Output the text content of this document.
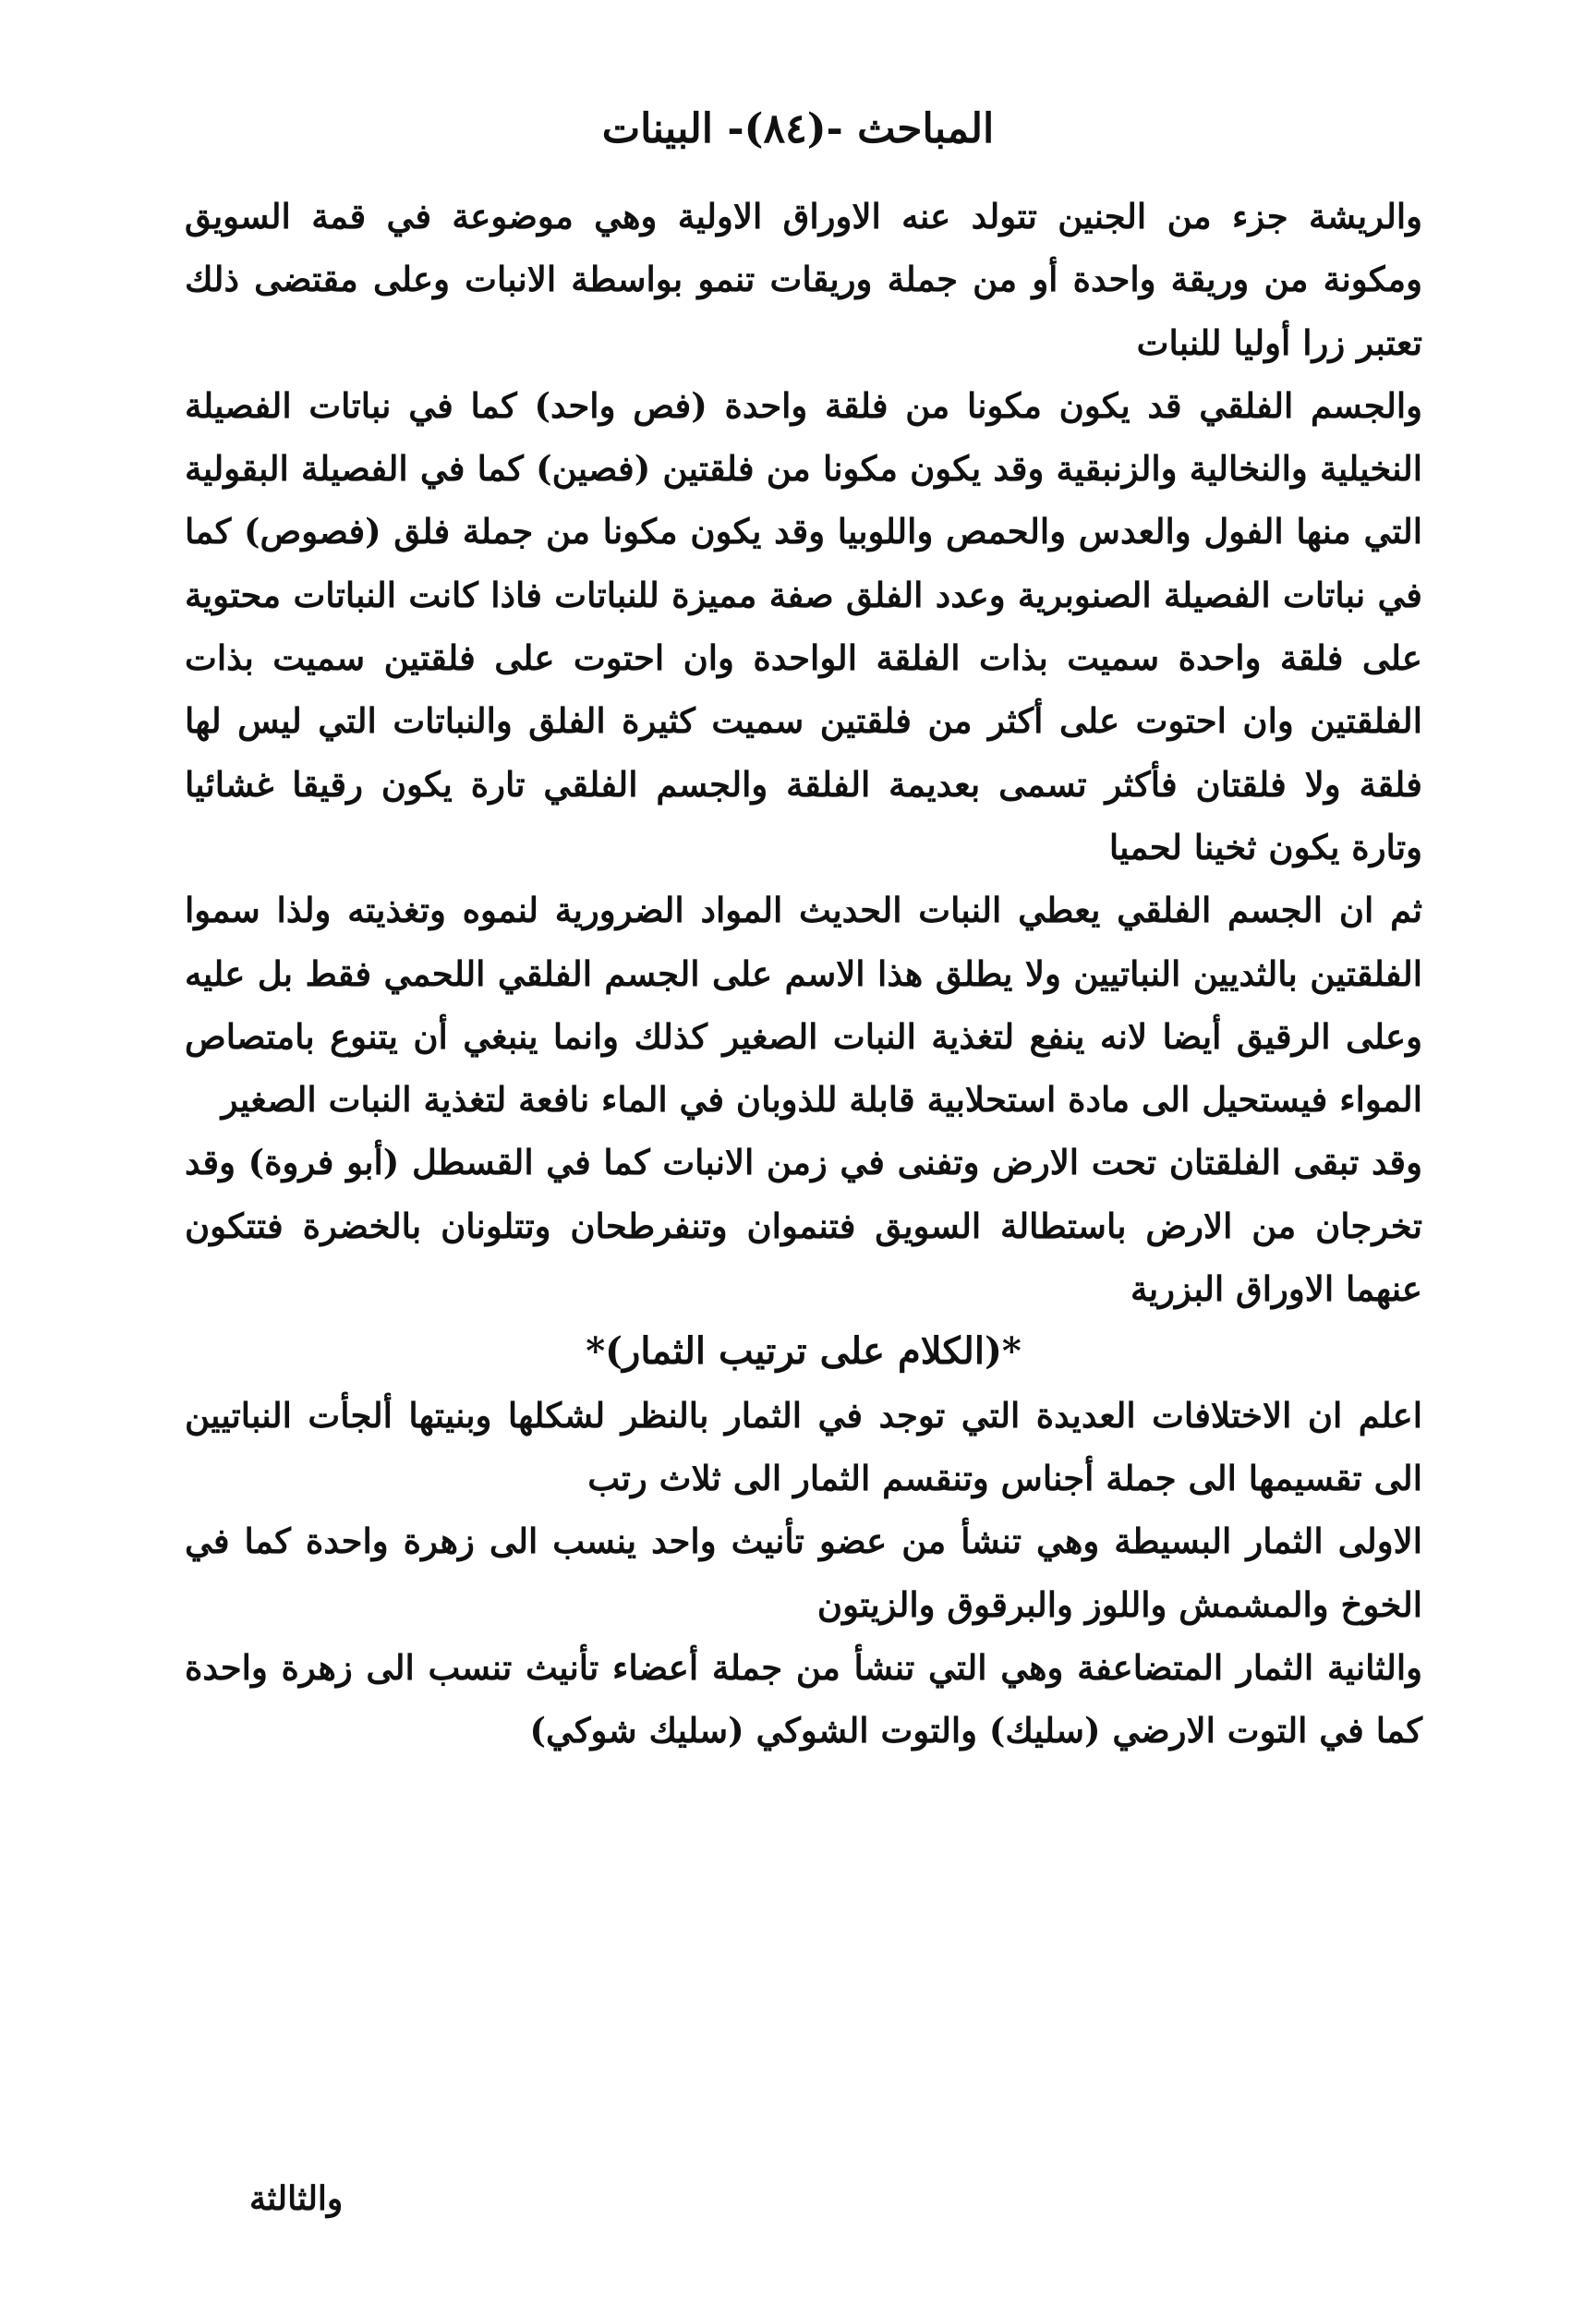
المباحث -(٨٤)- البينات

والريشة جزء من الجنين تتولد عنه الاوراق الاولية وهي موضوعة في قمة السويق ومكونة من وريقة واحدة أو من جملة وريقات تنمو بواسطة الانبات وعلى مقتضى ذلك تعتبر زرا أوليا للنبات

والجسم الفلقي قد يكون مكونا من فلقة واحدة (فص واحد) كما في نباتات الفصيلة النخيلية والنخالية والزنبقية وقد يكون مكونا من فلقتين (فصين) كما في الفصيلة البقولية التي منها الفول والعدس والحمص واللوبيا وقد يكون مكونا من جملة فلق (فصوص) كما في نباتات الفصيلة الصنوبرية وعدد الفلق صفة مميزة للنباتات فاذا كانت النباتات محتوية على فلقة واحدة سميت بذات الفلقة الواحدة وان احتوت على فلقتين سميت بذات الفلقتين وان احتوت على أكثر من فلقتين سميت كثيرة الفلق والنباتات التي ليس لها فلقة ولا فلقتان فأكثر تسمى بعديمة الفلقة والجسم الفلقي تارة يكون رقيقا غشائيا وتارة يكون ثخينا لحميا

ثم ان الجسم الفلقي يعطي النبات الحديث المواد الضرورية لنموه وتغذيته ولذا سموا الفلقتين بالثديين النباتيين ولا يطلق هذا الاسم على الجسم الفلقي اللحمي فقط بل عليه وعلى الرقيق أيضا لانه ينفع لتغذية النبات الصغير كذلك وانما ينبغي أن يتنوع بامتصاص المواء فيستحيل الى مادة استحلابية قابلة للذوبان في الماء نافعة لتغذية النبات الصغير

وقد تبقى الفلقتان تحت الارض وتفنى في زمن الانبات كما في القسطل (أبو فروة) وقد تخرجان من الارض باستطالة السويق فتنموان وتنفرطحان وتتلونان بالخضرة فتتكون عنهما الاوراق البزرية

*(الكلام على ترتيب الثمار)*

اعلم ان الاختلافات العديدة التي توجد في الثمار بالنظر لشكلها وبنيتها ألجأت النباتيين الى تقسيمها الى جملة أجناس وتنقسم الثمار الى ثلاث رتب

الاولى الثمار البسيطة وهي تنشأ من عضو تأنيث واحد ينسب الى زهرة واحدة كما في الخوخ والمشمش واللوز والبرقوق والزيتون

والثانية الثمار المتضاعفة وهي التي تنشأ من جملة أعضاء تأنيث تنسب الى زهرة واحدة كما في التوت الارضي (سليك) والتوت الشوكي (سليك شوكي)

والثالثة
